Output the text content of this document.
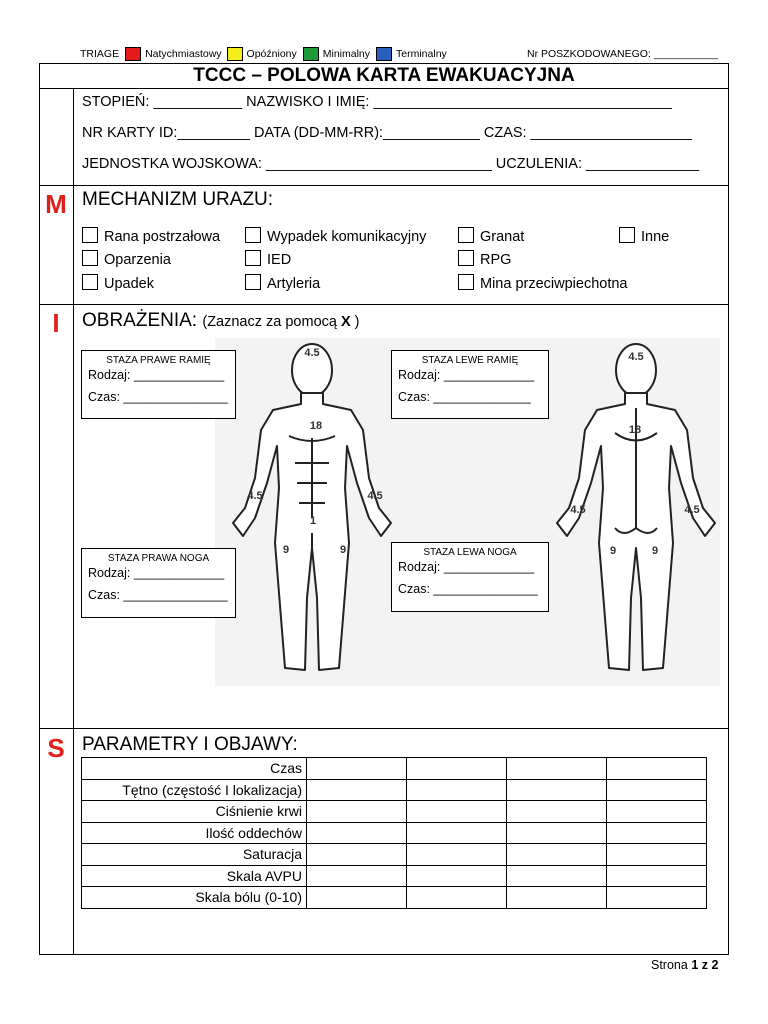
TRIAGE Natychmiastowy Opóźniony Minimalny Terminalny	Nr POSZKODOWANEGO: ___________
TCCC – POLOWA KARTA EWAKUACYJNA
STOPIEŃ: ___________ NAZWISKO I IMIĘ: _____________________________________
NR KARTY ID:_________ DATA (DD-MM-RR):____________ CZAS: ____________________
JEDNOSTKA WOJSKOWA: ____________________________ UCZULENIA: ______________
M MECHANIZM URAZU:
Rana postrzałowa	Wypadek komunikacyjny	Granat	Inne
Oparzenia	IED	RPG
Upadek	Artyleria	Mina przeciwpiechotna
I	OBRAŻENIA: (Zaznacz za pomocą X )
4.5
18
4.5	4.5
1
9	9
4.5
18
4.5	4.5
9	9
STAZA PRAWE RAMIĘ
Rodzaj: _____________
Czas: _______________
STAZA LEWE RAMIĘ
Rodzaj: _____________
Czas: ______________
STAZA PRAWA NOGA
Rodzaj: _____________
Czas: _______________
STAZA LEWA NOGA
Rodzaj: _____________
Czas: _______________
S PARAMETRY I OBJAWY:
Czas				
Tętno (częstość I lokalizacja)				
Ciśnienie krwi				
Ilość oddechów				
Saturacja				
Skala AVPU				
Skala bólu (0-10)				
Strona 1 z 2
